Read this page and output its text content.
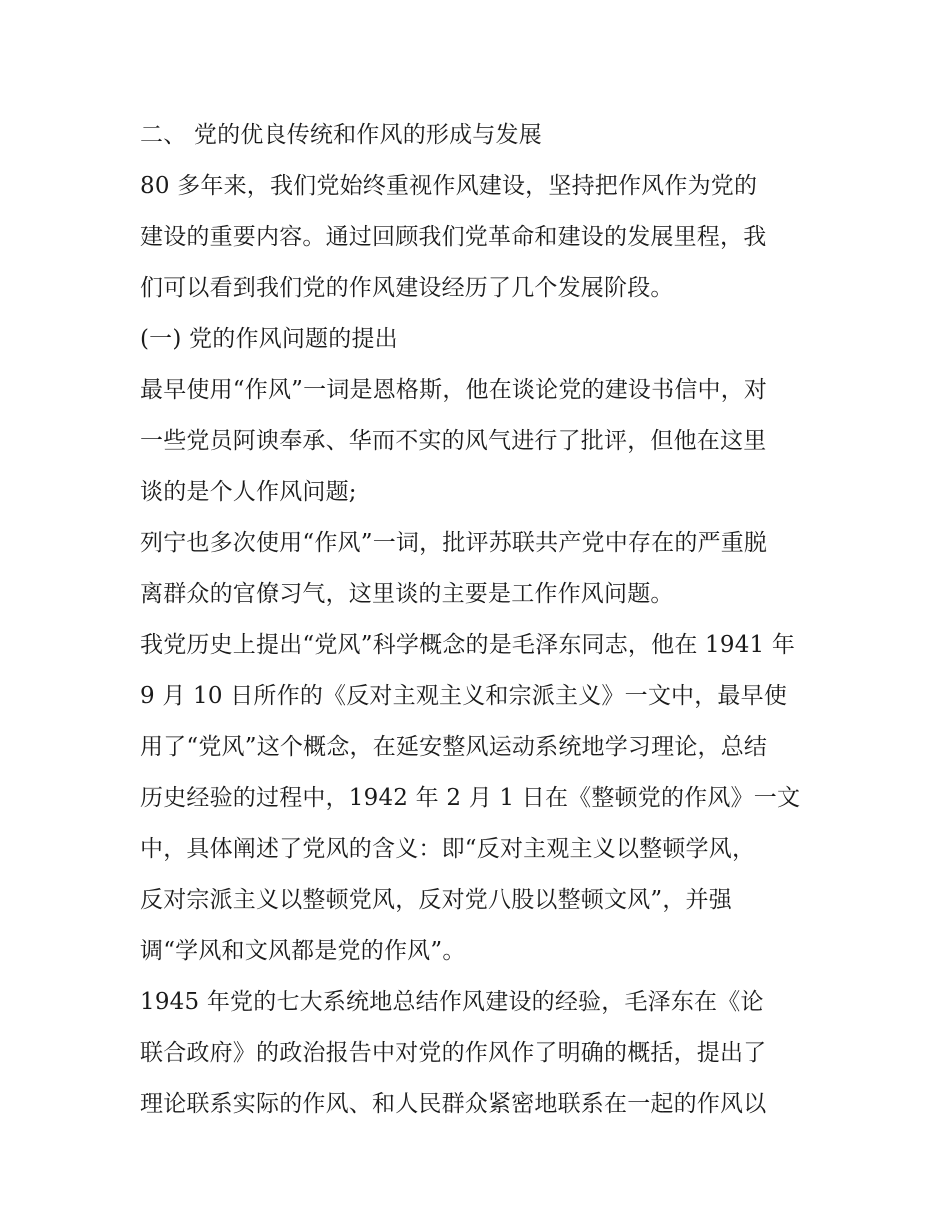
二、 党的优良传统和作风的形成与发展
80 多年来，我们党始终重视作风建设，坚持把作风作为党的
建设的重要内容。通过回顾我们党革命和建设的发展里程，我
们可以看到我们党的作风建设经历了几个发展阶段。
(一) 党的作风问题的提出
最早使用“作风”一词是恩格斯，他在谈论党的建设书信中，对
一些党员阿谀奉承、华而不实的风气进行了批评，但他在这里
谈的是个人作风问题;
列宁也多次使用“作风”一词，批评苏联共产党中存在的严重脱
离群众的官僚习气，这里谈的主要是工作作风问题。
我党历史上提出“党风”科学概念的是毛泽东同志，他在 1941 年
9 月 10 日所作的《反对主观主义和宗派主义》一文中，最早使
用了“党风”这个概念，在延安整风运动系统地学习理论，总结
历史经验的过程中，1942 年 2 月 1 日在《整顿党的作风》一文
中，具体阐述了党风的含义：即“反对主观主义以整顿学风，
反对宗派主义以整顿党风，反对党八股以整顿文风”，并强
调“学风和文风都是党的作风”。
1945 年党的七大系统地总结作风建设的经验，毛泽东在《论
联合政府》的政治报告中对党的作风作了明确的概括，提出了
理论联系实际的作风、和人民群众紧密地联系在一起的作风以
